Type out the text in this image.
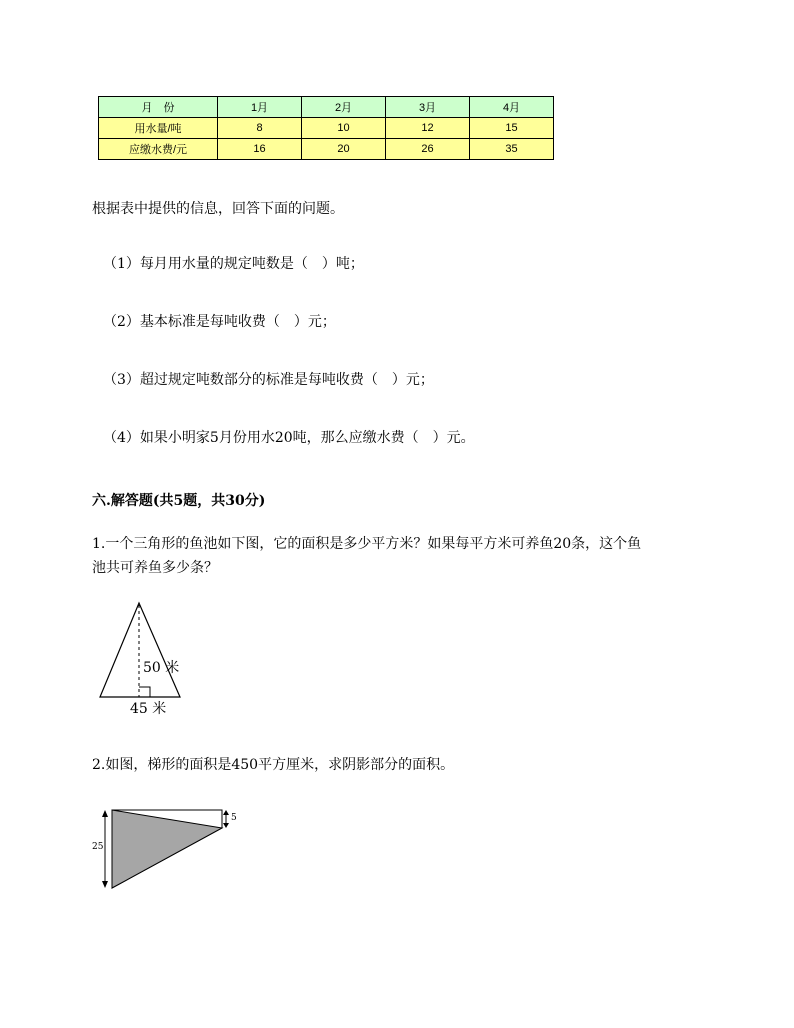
月　份	1月	2月	3月	4月
用水量/吨	8	10	12	15
应缴水费/元	16	20	26	35

根据表中提供的信息，回答下面的问题。

（1）每月用水量的规定吨数是（　）吨；

（2）基本标准是每吨收费（　）元；

（3）超过规定吨数部分的标准是每吨收费（　）元；

（4）如果小明家5月份用水20吨，那么应缴水费（　）元。

六.解答题(共5题，共30分)

1.一个三角形的鱼池如下图，它的面积是多少平方米？如果每平方米可养鱼20条，这个鱼

池共可养鱼多少条？

50 米

45 米

2.如图，梯形的面积是450平方厘米，求阴影部分的面积。

25

5
